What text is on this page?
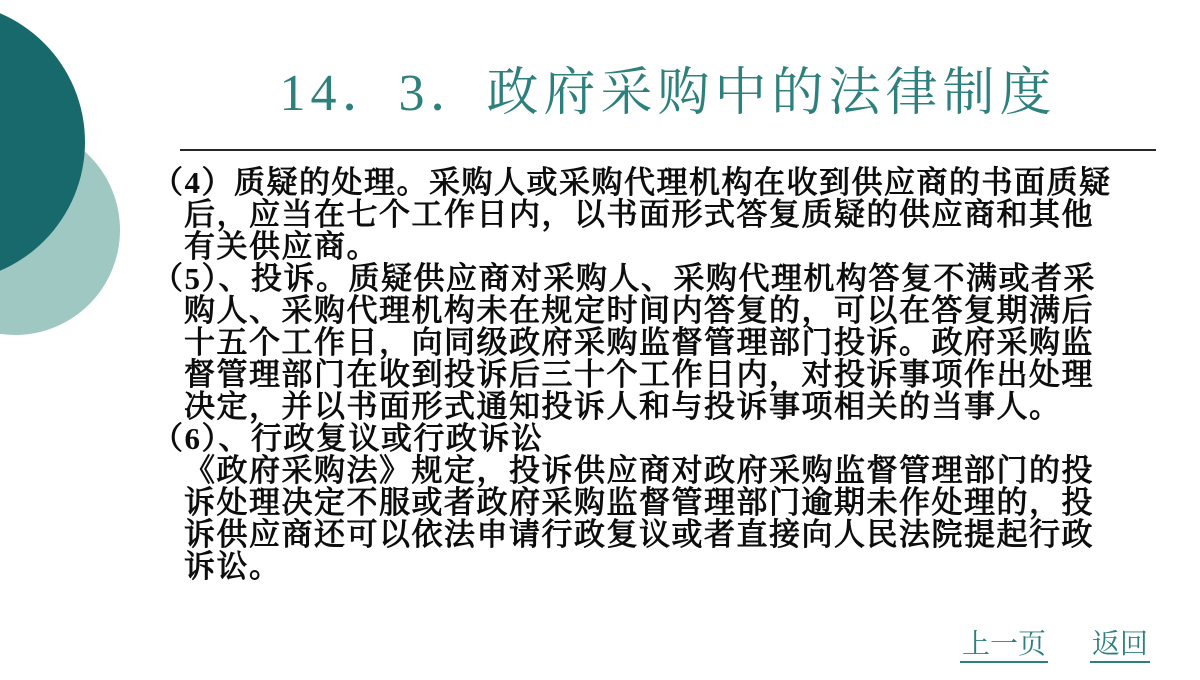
14．3．政府采购中的法律制度

（4）质疑的处理。采购人或采购代理机构在收到供应商的书面质疑后，应当在七个工作日内，以书面形式答复质疑的供应商和其他有关供应商。

（5）、投诉。质疑供应商对采购人、采购代理机构答复不满或者采购人、采购代理机构未在规定时间内答复的，可以在答复期满后十五个工作日，向同级政府采购监督管理部门投诉。政府采购监督管理部门在收到投诉后三十个工作日内，对投诉事项作出处理决定，并以书面形式通知投诉人和与投诉事项相关的当事人。

（6）、行政复议或行政诉讼

《政府采购法》规定，投诉供应商对政府采购监督管理部门的投诉处理决定不服或者政府采购监督管理部门逾期未作处理的，投诉供应商还可以依法申请行政复议或者直接向人民法院提起行政诉讼。

上一页 返回
